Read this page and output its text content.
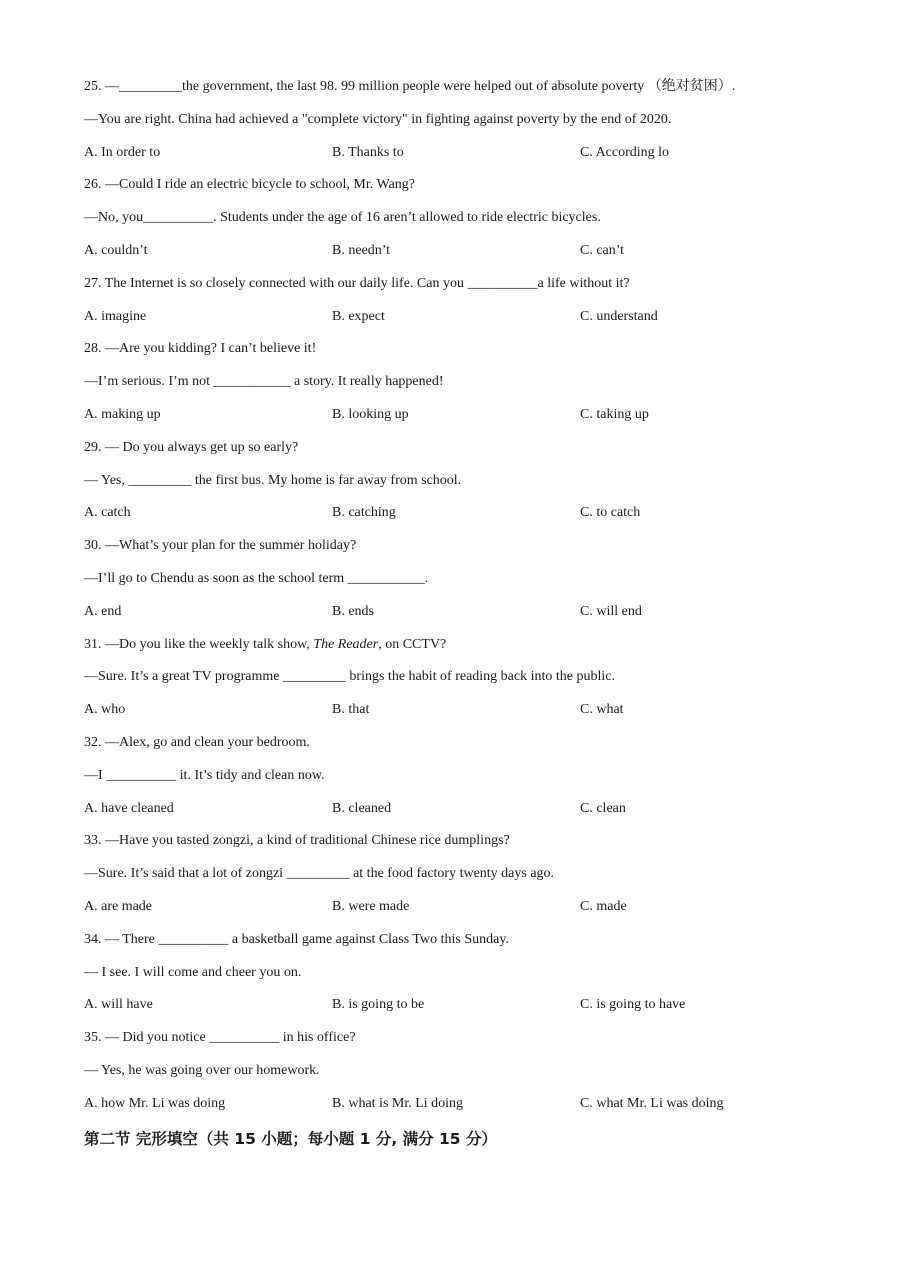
25. —_________the government, the last 98. 99 million people were helped out of absolute poverty （绝对贫困）.
—You are right. China had achieved a "complete victory" in fighting against poverty by the end of 2020.
A. In order to	B. Thanks to	C. According lo
26. —Could I ride an electric bicycle to school, Mr. Wang?
—No, you__________. Students under the age of 16 aren’t allowed to ride electric bicycles.
A. couldn’t	B. needn’t	C. can’t
27. The Internet is so closely connected with our daily life. Can you __________a life without it?
A. imagine	B. expect	C. understand
28. —Are you kidding? I can’t believe it!
—I’m serious. I’m not ___________ a story. It really happened!
A. making up	B. looking up	C. taking up
29. — Do you always get up so early?
— Yes, _________ the first bus. My home is far away from school.
A. catch	B. catching	C. to catch
30. —What’s your plan for the summer holiday?
—I’ll go to Chendu as soon as the school term ___________.
A. end	B. ends	C. will end
31. —Do you like the weekly talk show, The Reader, on CCTV?
—Sure. It’s a great TV programme _________ brings the habit of reading back into the public.
A. who	B. that	C. what
32. —Alex, go and clean your bedroom.
—I __________ it. It’s tidy and clean now.
A. have cleaned	B. cleaned	C. clean
33. —Have you tasted zongzi, a kind of traditional Chinese rice dumplings?
—Sure. It’s said that a lot of zongzi _________ at the food factory twenty days ago.
A. are made	B. were made	C. made
34. — There __________ a basketball game against Class Two this Sunday.
— I see. I will come and cheer you on.
A. will have	B. is going to be	C. is going to have
35. — Did you notice __________ in his office?
— Yes, he was going over our homework.
A. how Mr. Li was doing	B. what is Mr. Li doing	C. what Mr. Li was doing
第二节 完形填空（共 15 小题；每小题 1 分, 满分 15 分）
